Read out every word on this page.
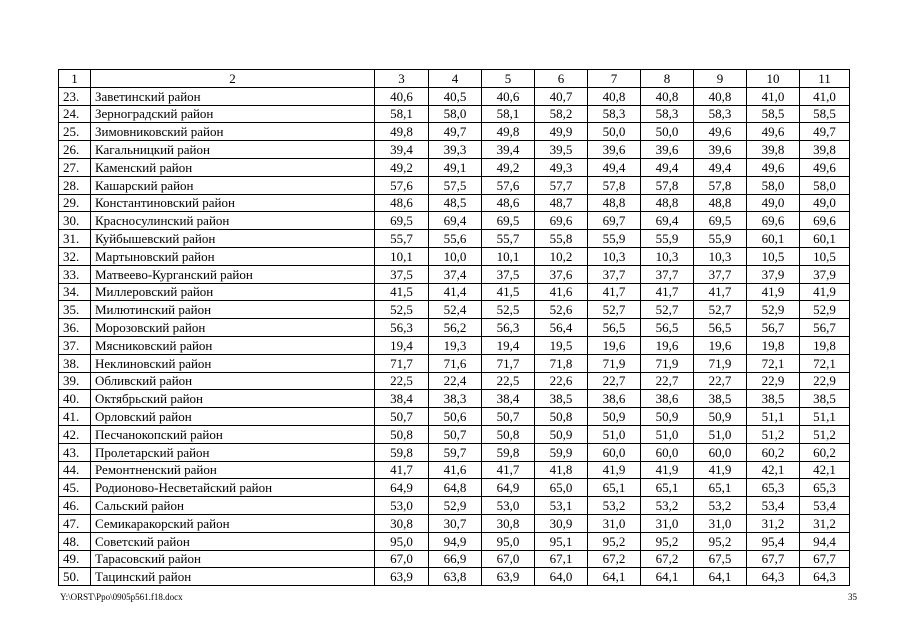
1	2	3	4	5	6	7	8	9	10	11
23.	Заветинский район	40,6	40,5	40,6	40,7	40,8	40,8	40,8	41,0	41,0
24.	Зерноградский район	58,1	58,0	58,1	58,2	58,3	58,3	58,3	58,5	58,5
25.	Зимовниковский район	49,8	49,7	49,8	49,9	50,0	50,0	49,6	49,6	49,7
26.	Кагальницкий район	39,4	39,3	39,4	39,5	39,6	39,6	39,6	39,8	39,8
27.	Каменский район	49,2	49,1	49,2	49,3	49,4	49,4	49,4	49,6	49,6
28.	Кашарский район	57,6	57,5	57,6	57,7	57,8	57,8	57,8	58,0	58,0
29.	Константиновский район	48,6	48,5	48,6	48,7	48,8	48,8	48,8	49,0	49,0
30.	Красносулинский район	69,5	69,4	69,5	69,6	69,7	69,4	69,5	69,6	69,6
31.	Куйбышевский район	55,7	55,6	55,7	55,8	55,9	55,9	55,9	60,1	60,1
32.	Мартыновский район	10,1	10,0	10,1	10,2	10,3	10,3	10,3	10,5	10,5
33.	Матвеево-Курганский район	37,5	37,4	37,5	37,6	37,7	37,7	37,7	37,9	37,9
34.	Миллеровский район	41,5	41,4	41,5	41,6	41,7	41,7	41,7	41,9	41,9
35.	Милютинский район	52,5	52,4	52,5	52,6	52,7	52,7	52,7	52,9	52,9
36.	Морозовский район	56,3	56,2	56,3	56,4	56,5	56,5	56,5	56,7	56,7
37.	Мясниковский район	19,4	19,3	19,4	19,5	19,6	19,6	19,6	19,8	19,8
38.	Неклиновский район	71,7	71,6	71,7	71,8	71,9	71,9	71,9	72,1	72,1
39.	Обливский район	22,5	22,4	22,5	22,6	22,7	22,7	22,7	22,9	22,9
40.	Октябрьский район	38,4	38,3	38,4	38,5	38,6	38,6	38,5	38,5	38,5
41.	Орловский район	50,7	50,6	50,7	50,8	50,9	50,9	50,9	51,1	51,1
42.	Песчанокопский район	50,8	50,7	50,8	50,9	51,0	51,0	51,0	51,2	51,2
43.	Пролетарский район	59,8	59,7	59,8	59,9	60,0	60,0	60,0	60,2	60,2
44.	Ремонтненский район	41,7	41,6	41,7	41,8	41,9	41,9	41,9	42,1	42,1
45.	Родионово-Несветайский район	64,9	64,8	64,9	65,0	65,1	65,1	65,1	65,3	65,3
46.	Сальский район	53,0	52,9	53,0	53,1	53,2	53,2	53,2	53,4	53,4
47.	Семикаракорский район	30,8	30,7	30,8	30,9	31,0	31,0	31,0	31,2	31,2
48.	Советский район	95,0	94,9	95,0	95,1	95,2	95,2	95,2	95,4	94,4
49.	Тарасовский район	67,0	66,9	67,0	67,1	67,2	67,2	67,5	67,7	67,7
50.	Тацинский район	63,9	63,8	63,9	64,0	64,1	64,1	64,1	64,3	64,3
Y:\ORST\Ppo\0905p561.f18.docx	35
